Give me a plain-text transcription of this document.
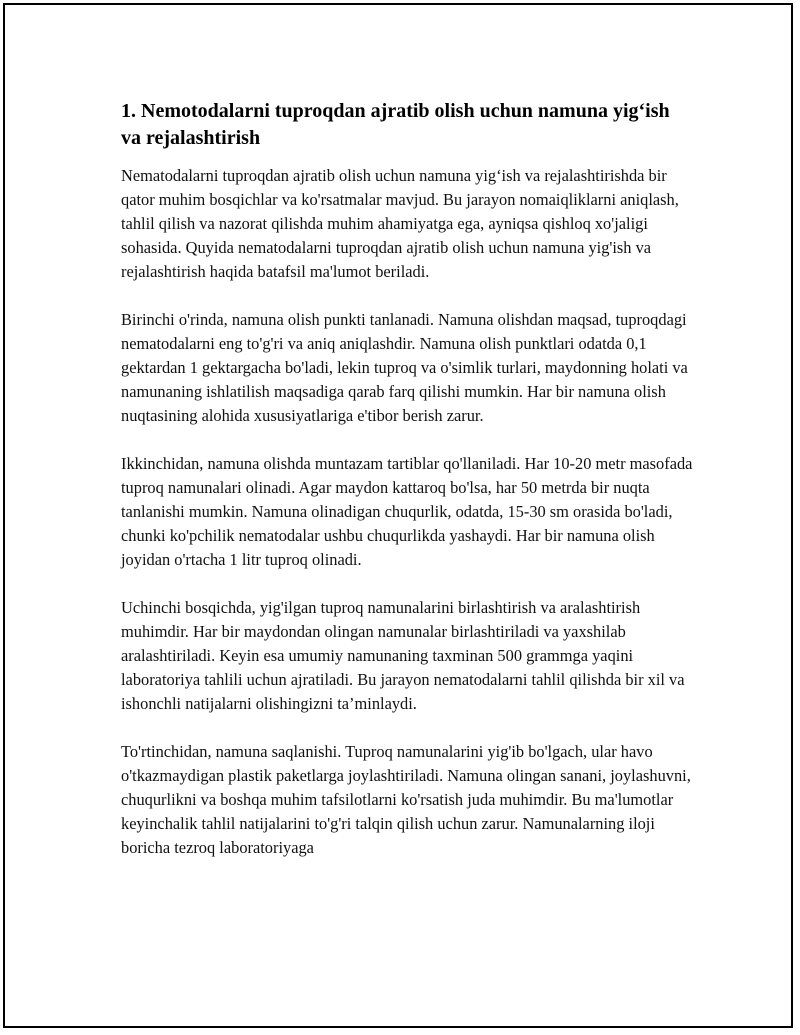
1. Nemotodalarni tuproqdan ajratib olish uchun namuna yig‘ish va rejalashtirish

Nematodalarni tuproqdan ajratib olish uchun namuna yig‘ish va rejalashtirishda bir qator muhim bosqichlar va ko'rsatmalar mavjud. Bu jarayon nomaiqliklarni aniqlash, tahlil qilish va nazorat qilishda muhim ahamiyatga ega, ayniqsa qishloq xo'jaligi sohasida. Quyida nematodalarni tuproqdan ajratib olish uchun namuna yig'ish va rejalashtirish haqida batafsil ma'lumot beriladi.

Birinchi o'rinda, namuna olish punkti tanlanadi. Namuna olishdan maqsad, tuproqdagi nematodalarni eng to'g'ri va aniq aniqlashdir. Namuna olish punktlari odatda 0,1 gektardan 1 gektargacha bo'ladi, lekin tuproq va o'simlik turlari, maydonning holati va namunaning ishlatilish maqsadiga qarab farq qilishi mumkin. Har bir namuna olish nuqtasining alohida xususiyatlariga e'tibor berish zarur.

Ikkinchidan, namuna olishda muntazam tartiblar qo'llaniladi. Har 10-20 metr masofada tuproq namunalari olinadi. Agar maydon kattaroq bo'lsa, har 50 metrda bir nuqta tanlanishi mumkin. Namuna olinadigan chuqurlik, odatda, 15-30 sm orasida bo'ladi, chunki ko'pchilik nematodalar ushbu chuqurlikda yashaydi. Har bir namuna olish joyidan o'rtacha 1 litr tuproq olinadi.

Uchinchi bosqichda, yig'ilgan tuproq namunalarini birlashtirish va aralashtirish muhimdir. Har bir maydondan olingan namunalar birlashtiriladi va yaxshilab aralashtiriladi. Keyin esa umumiy namunaning taxminan 500 grammga yaqini laboratoriya tahlili uchun ajratiladi. Bu jarayon nematodalarni tahlil qilishda bir xil va ishonchli natijalarni olishingizni ta’minlaydi.

To'rtinchidan, namuna saqlanishi. Tuproq namunalarini yig'ib bo'lgach, ular havo o'tkazmaydigan plastik paketlarga joylashtiriladi. Namuna olingan sanani, joylashuvni, chuqurlikni va boshqa muhim tafsilotlarni ko'rsatish juda muhimdir. Bu ma'lumotlar keyinchalik tahlil natijalarini to'g'ri talqin qilish uchun zarur. Namunalarning iloji boricha tezroq laboratoriyaga
